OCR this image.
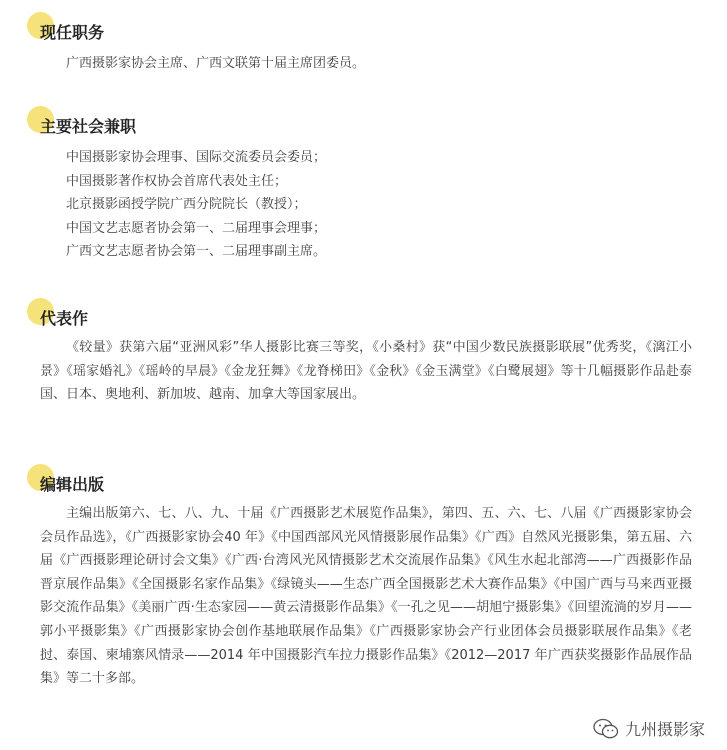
现任职务
广西摄影家协会主席、广西文联第十届主席团委员。
主要社会兼职
中国摄影家协会理事、国际交流委员会委员；
中国摄影著作权协会首席代表处主任；
北京摄影函授学院广西分院院长（教授）；
中国文艺志愿者协会第一、二届理事会理事；
广西文艺志愿者协会第一、二届理事副主席。
代表作
《较量》获第六届“亚洲风彩”华人摄影比赛三等奖，《小桑村》获“中国少数民族摄影联展”优秀奖，《漓江小景》《瑶家婚礼》《瑶岭的早晨》《金龙狂舞》《龙脊梯田》《金秋》《金玉满堂》《白鹭展翅》等十几幅摄影作品赴泰国、日本、奥地利、新加坡、越南、加拿大等国家展出。
编辑出版
主编出版第六、七、八、九、十届《广西摄影艺术展览作品集》，第四、五、六、七、八届《广西摄影家协会会员作品选》，《广西摄影家协会40 年》《中国西部风光风情摄影展作品集》《广西》自然风光摄影集，第五届、六届《广西摄影理论研讨会文集》《广西·台湾风光风情摄影艺术交流展作品集》《风生水起北部湾——广西摄影作品晋京展作品集》《全国摄影名家作品集》《绿镜头——生态广西全国摄影艺术大赛作品集》《中国广西与马来西亚摄影交流作品集》《美丽广西·生态家园——黄云清摄影作品集》《一孔之见——胡旭宁摄影集》《回望流淌的岁月——郭小平摄影集》《广西摄影家协会创作基地联展作品集》《广西摄影家协会产行业团体会员摄影联展作品集》《老挝、泰国、柬埔寨风情录——2014 年中国摄影汽车拉力摄影作品集》《2012—2017 年广西获奖摄影作品展作品集》等二十多部。
九州摄影家
